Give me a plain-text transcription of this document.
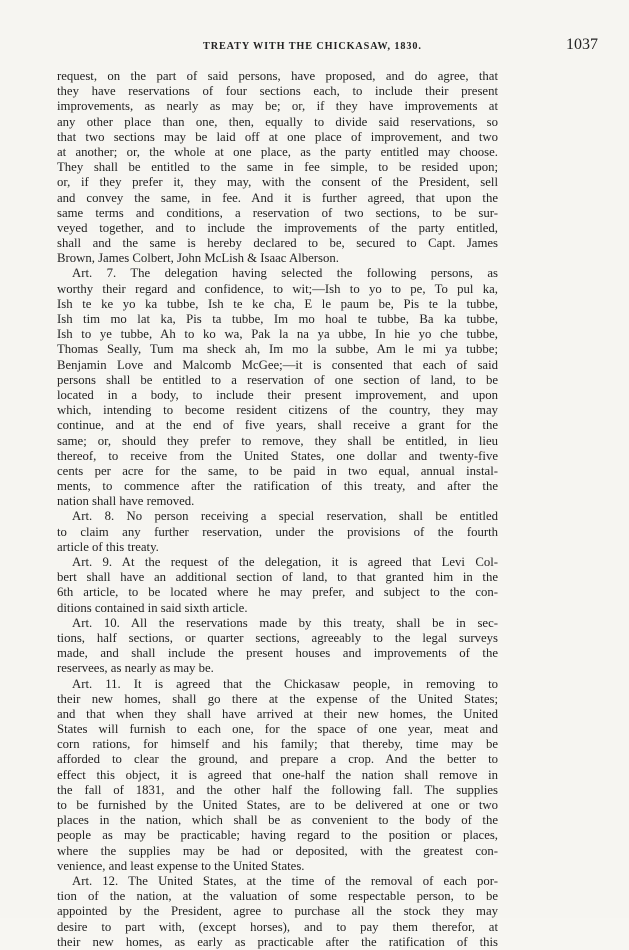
TREATY WITH THE CHICKASAW, 1830.	1037
request, on the part of said persons, have proposed, and do agree, that
they have reservations of four sections each, to include their present
improvements, as nearly as may be; or, if they have improvements at
any other place than one, then, equally to divide said reservations, so
that two sections may be laid off at one place of improvement, and two
at another; or, the whole at one place, as the party entitled may choose.
They shall be entitled to the same in fee simple, to be resided upon;
or, if they prefer it, they may, with the consent of the President, sell
and convey the same, in fee. And it is further agreed, that upon the
same terms and conditions, a reservation of two sections, to be sur-
veyed together, and to include the improvements of the party entitled,
shall and the same is hereby declared to be, secured to Capt. James
Brown, James Colbert, John McLish & Isaac Alberson.
Art. 7. The delegation having selected the following persons, as
worthy their regard and confidence, to wit;—Ish to yo to pe, To pul ka,
Ish te ke yo ka tubbe, Ish te ke cha, E le paum be, Pis te la tubbe,
Ish tim mo lat ka, Pis ta tubbe, Im mo hoal te tubbe, Ba ka tubbe,
Ish to ye tubbe, Ah to ko wa, Pak la na ya ubbe, In hie yo che tubbe,
Thomas Seally, Tum ma sheck ah, Im mo la subbe, Am le mi ya tubbe;
Benjamin Love and Malcomb McGee;—it is consented that each of said
persons shall be entitled to a reservation of one section of land, to be
located in a body, to include their present improvement, and upon
which, intending to become resident citizens of the country, they may
continue, and at the end of five years, shall receive a grant for the
same; or, should they prefer to remove, they shall be entitled, in lieu
thereof, to receive from the United States, one dollar and twenty-five
cents per acre for the same, to be paid in two equal, annual instal-
ments, to commence after the ratification of this treaty, and after the
nation shall have removed.
Art. 8. No person receiving a special reservation, shall be entitled
to claim any further reservation, under the provisions of the fourth
article of this treaty.
Art. 9. At the request of the delegation, it is agreed that Levi Col-
bert shall have an additional section of land, to that granted him in the
6th article, to be located where he may prefer, and subject to the con-
ditions contained in said sixth article.
Art. 10. All the reservations made by this treaty, shall be in sec-
tions, half sections, or quarter sections, agreeably to the legal surveys
made, and shall include the present houses and improvements of the
reservees, as nearly as may be.
Art. 11. It is agreed that the Chickasaw people, in removing to
their new homes, shall go there at the expense of the United States;
and that when they shall have arrived at their new homes, the United
States will furnish to each one, for the space of one year, meat and
corn rations, for himself and his family; that thereby, time may be
afforded to clear the ground, and prepare a crop. And the better to
effect this object, it is agreed that one-half the nation shall remove in
the fall of 1831, and the other half the following fall. The supplies
to be furnished by the United States, are to be delivered at one or two
places in the nation, which shall be as convenient to the body of the
people as may be practicable; having regard to the position or places,
where the supplies may be had or deposited, with the greatest con-
venience, and least expense to the United States.
Art. 12. The United States, at the time of the removal of each por-
tion of the nation, at the valuation of some respectable person, to be
appointed by the President, agree to purchase all the stock they may
desire to part with, (except horses), and to pay them therefor, at
their new homes, as early as practicable after the ratification of this
